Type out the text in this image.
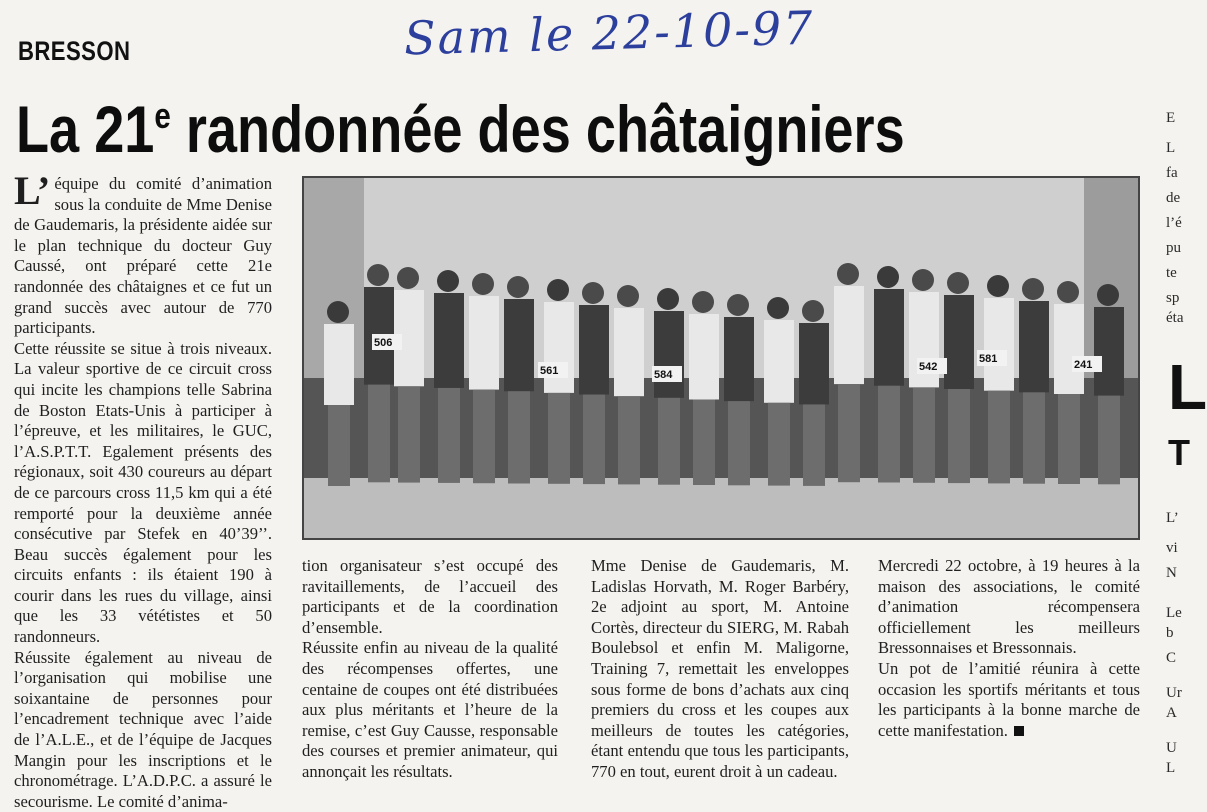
Sam le 22-10-97
BRESSON
La 21e randonnée des châtaigniers

L’équipe du comité d’animation sous la conduite de Mme Denise de Gaudemaris, la présidente aidée sur le plan technique du docteur Guy Caussé, ont préparé cette 21e randonnée des châtaignes et ce fut un grand succès avec autour de 770 participants.

Cette réussite se situe à trois niveaux. La valeur sportive de ce circuit cross qui incite les champions telle Sabrina de Boston Etats-Unis à participer à l’épreuve, et les militaires, le GUC, l’A.S.P.T.T. Egalement présents des régionaux, soit 430 coureurs au départ de ce parcours cross 11,5 km qui a été remporté pour la deuxième année consécutive par Stefek en 40’39’’. Beau succès également pour les circuits enfants : ils étaient 190 à courir dans les rues du village, ainsi que les 33 vététistes et 50 randonneurs.

Réussite également au niveau de l’organisation qui mobilise une soixantaine de personnes pour l’encadrement technique avec l’aide de l’A.L.E., et de l’équipe de Jacques Mangin pour les inscriptions et le chronométrage. L’A.D.P.C. a assuré le secourisme. Le comité d’anima-

506
241
542
581
561	584

tion organisateur s’est occupé des ravitaillements, de l’accueil des participants et de la coordination d’ensemble.

Réussite enfin au niveau de la qualité des récompenses offertes, une centaine de coupes ont été distribuées aux plus méritants et l’heure de la remise, c’est Guy Causse, responsable des courses et premier animateur, qui annonçait les résultats.

Mme Denise de Gaudemaris, M. Ladislas Horvath, M. Roger Barbéry, 2e adjoint au sport, M. Antoine Cortès, directeur du SIERG, M. Rabah Boulebsol et enfin M. Maligorne, Training 7, remettait les enveloppes sous forme de bons d’achats aux cinq premiers du cross et les coupes aux meilleurs de toutes les catégories, étant entendu que tous les participants, 770 en tout, eurent droit à un cadeau.

Mercredi 22 octobre, à 19 heures à la maison des associations, le comité d’animation récompensera officiellement les meilleurs Bressonnaises et Bressonnais.

Un pot de l’amitié réunira à cette occasion les sportifs méritants et tous les participants à la bonne marche de cette manifestation.

E
L
fa
de
l’é
pu
te
sp
éta
L’
vi
N
Le
b
C
Ur
A
U
L
L
T
